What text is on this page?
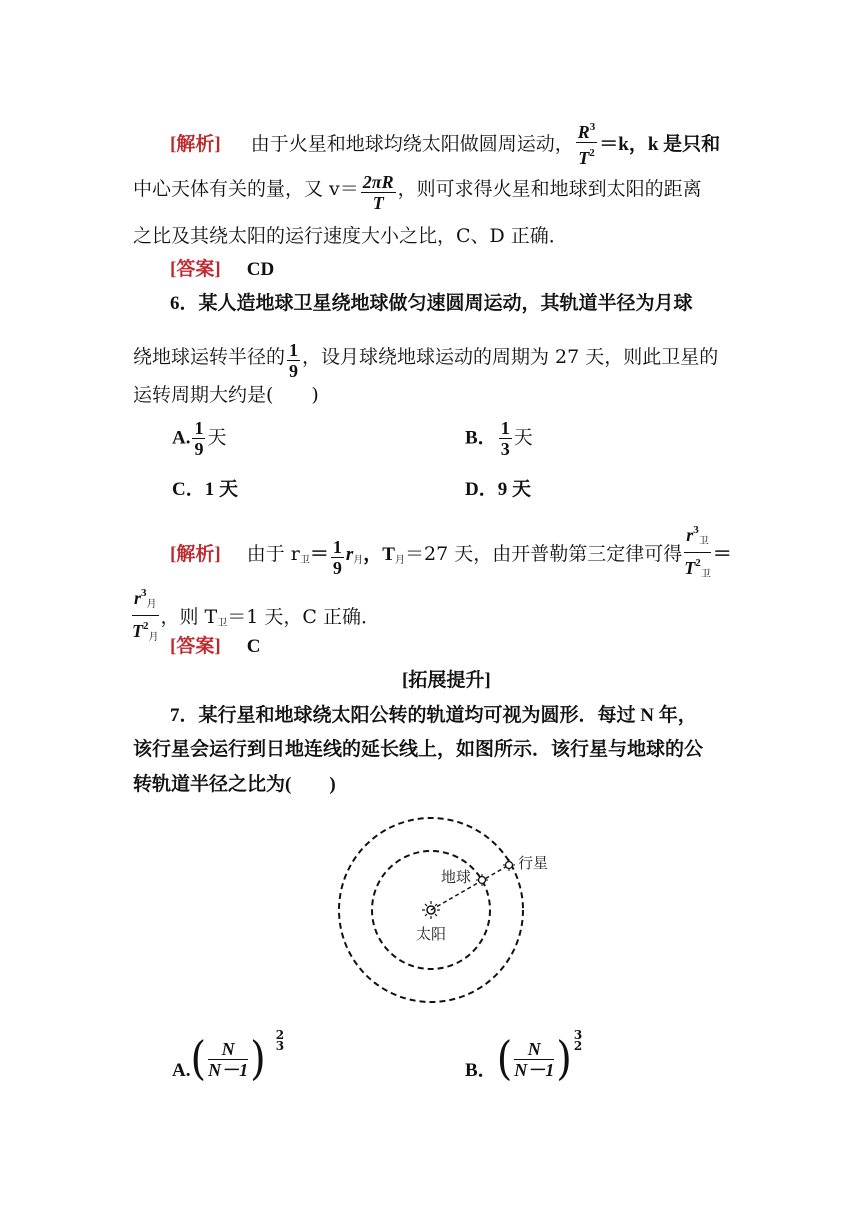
[解析] 由于火星和地球均绕太阳做圆周运动， $\frac{R^3}{T^2} =k$，k 是只和
中心天体有关的量，又 $v= \frac{2\pi R}{T}$ ，则可求得火星和地球到太阳的距离
之比及其绕太阳的运行速度大小之比，C、D 正确．
[答案] CD
6．某人造地球卫星绕地球做匀速圆周运动，其轨道半径为月球
绕地球运转半径的 $\frac{1}{9}$ ，设月球绕地球运动的周期为 27 天，则此卫星的
运转周期大约是(　　)
A. $\frac{1}{9}$ 天	B． $\frac{1}{3}$ 天
C．1 天	D．9 天
[解析] 由于 $r_卫= \frac{1}{9} r_月$，$T_月=27$ 天，由开普勒第三定律可得 $\frac{r^3_卫}{T^2_卫}$ ＝
$\frac{r^3_月}{T^2_月}$ ，则 $T_卫=1$ 天，C 正确．
[答案] C
[拓展提升]
7．某行星和地球绕太阳公转的轨道均可视为圆形．每过 N 年，
该行星会运行到日地连线的延长线上，如图所示．该行星与地球的公
转轨道半径之比为(　　)
行星
地球
太阳
$A.( \frac{N}{N-1}$ ) 2
3
B．( $\frac{N}{N-1}$ ) 3
2
